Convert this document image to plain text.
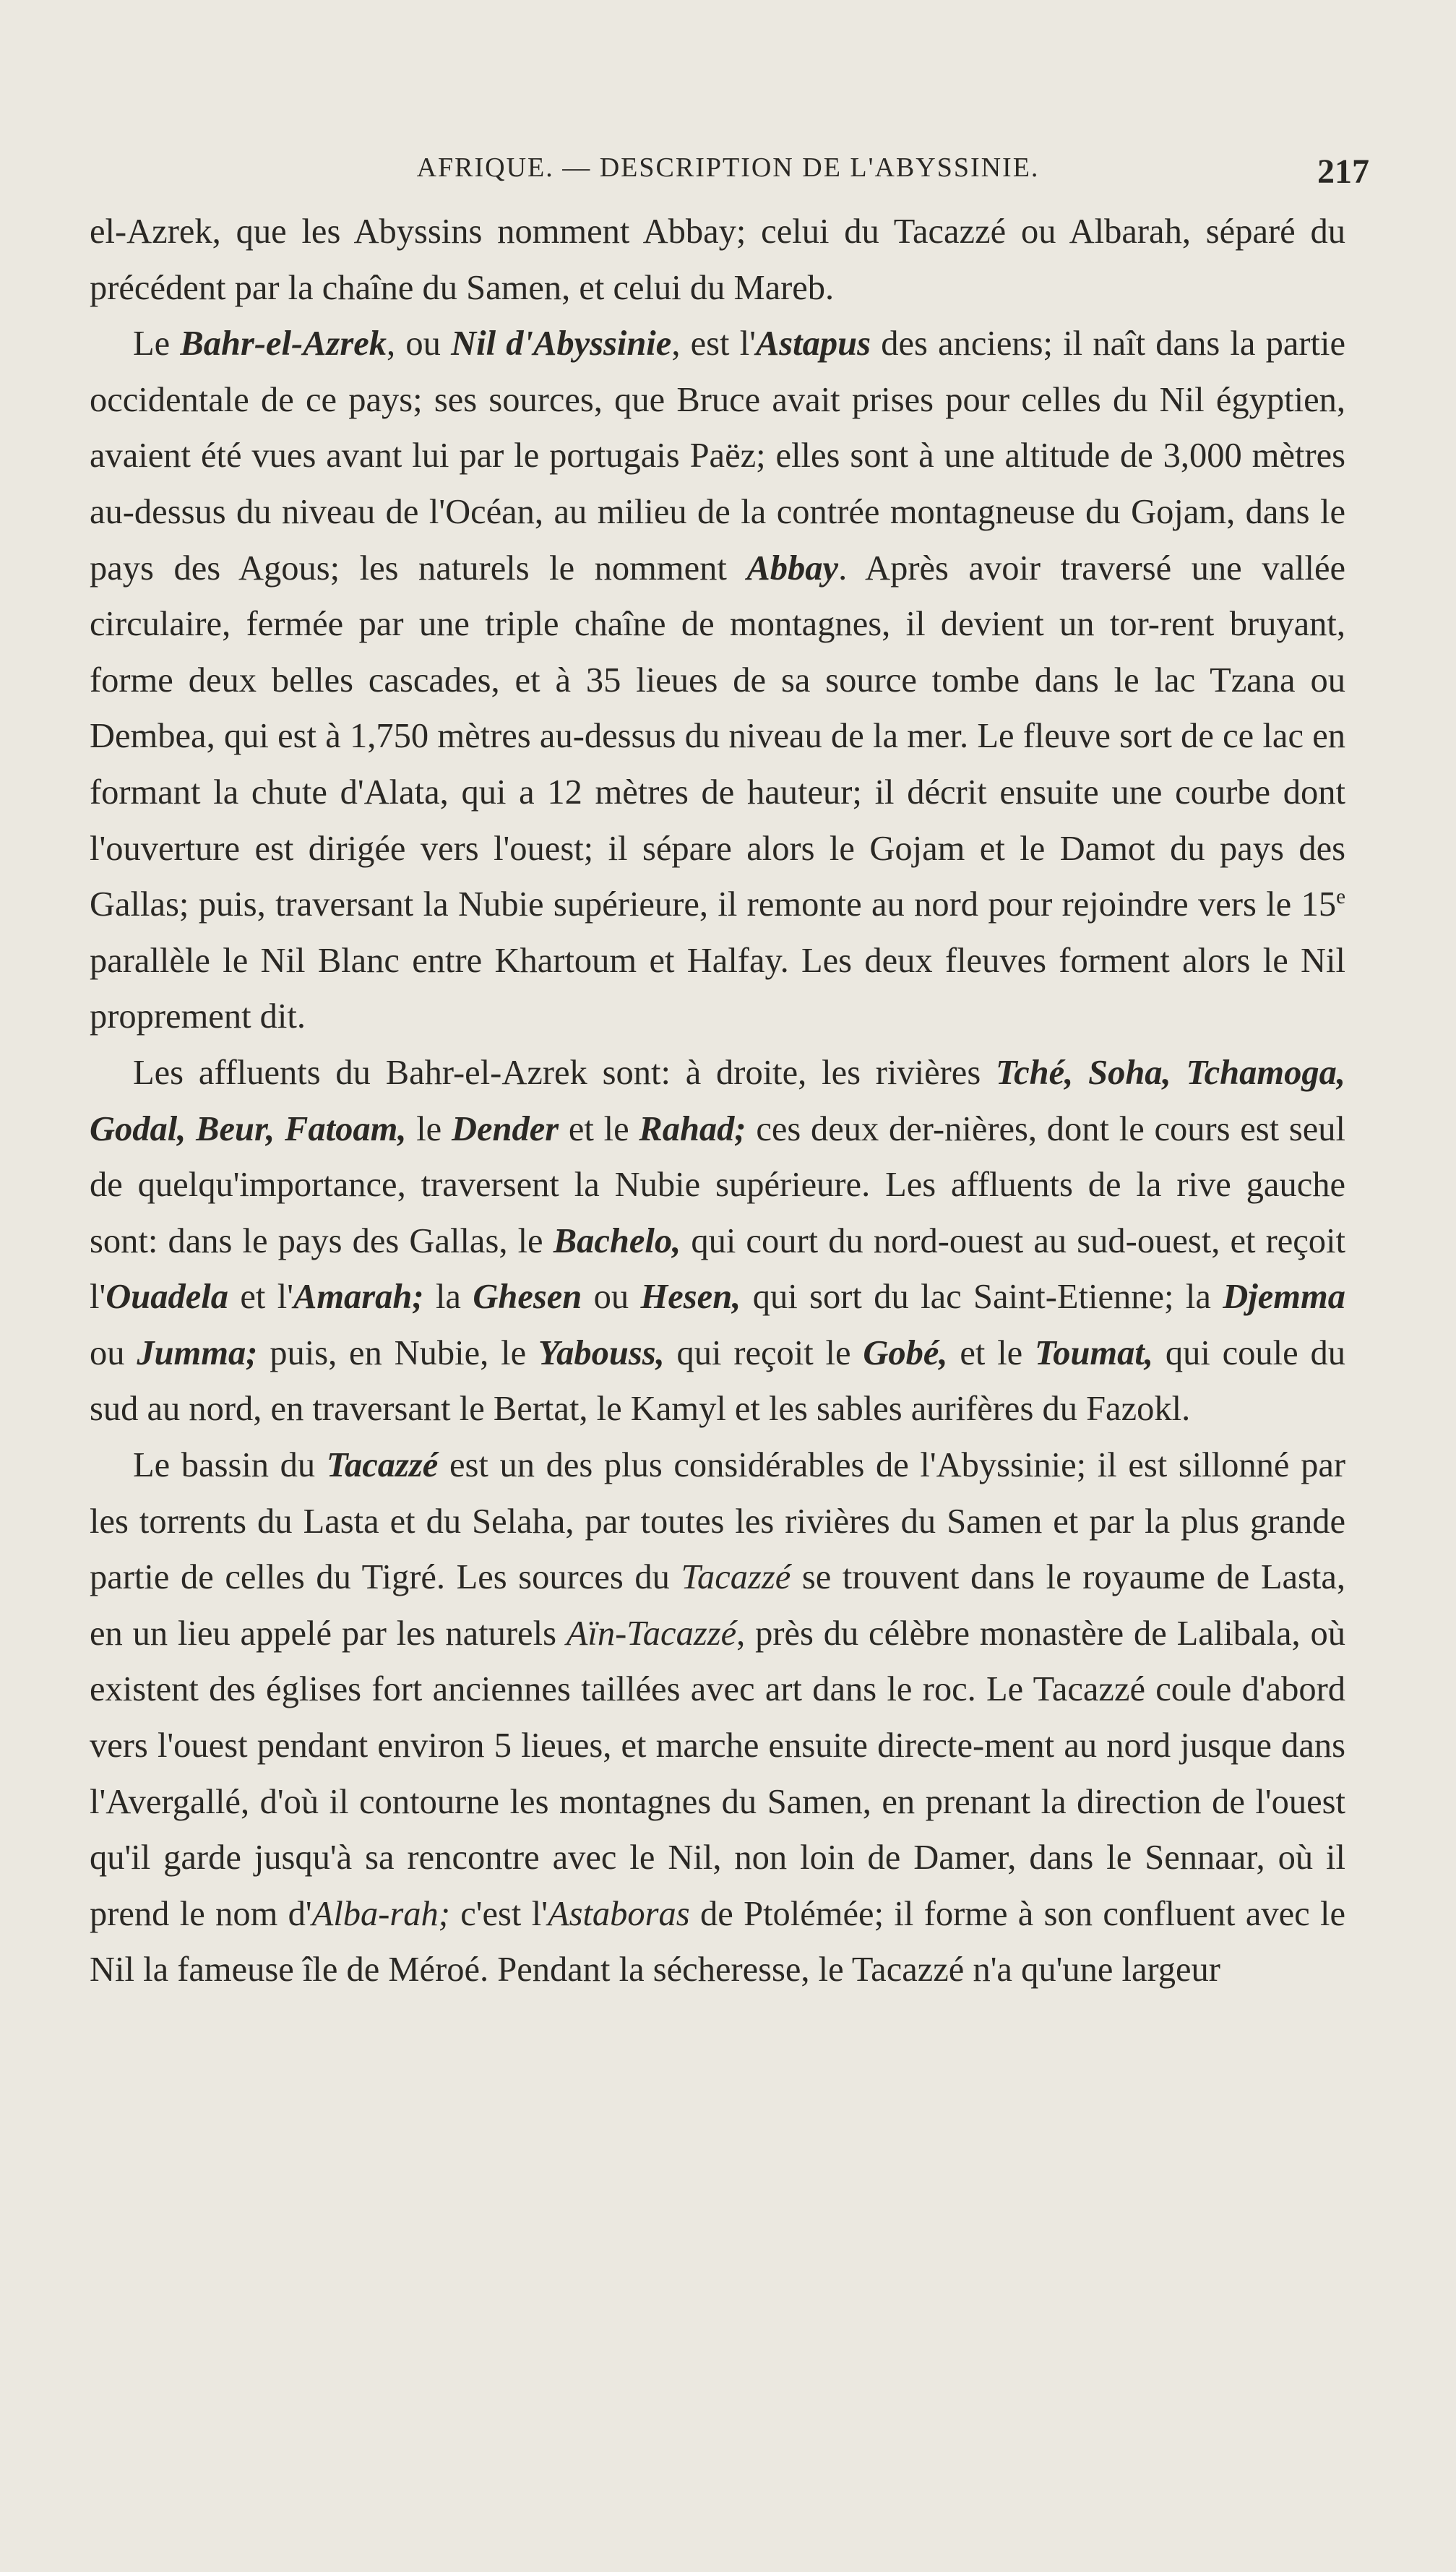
AFRIQUE. — DESCRIPTION DE L'ABYSSINIE.	217

el-Azrek, que les Abyssins nomment Abbay; celui du Tacazzé ou Albarah, séparé du précédent par la chaîne du Samen, et celui du Mareb.

Le Bahr-el-Azrek, ou Nil d'Abyssinie, est l'Astapus des anciens; il naît dans la partie occidentale de ce pays; ses sources, que Bruce avait prises pour celles du Nil égyptien, avaient été vues avant lui par le portugais Paëz; elles sont à une altitude de 3,000 mètres au-dessus du niveau de l'Océan, au milieu de la contrée montagneuse du Gojam, dans le pays des Agous; les naturels le nomment Abbay. Après avoir traversé une vallée circulaire, fermée par une triple chaîne de montagnes, il devient un tor-rent bruyant, forme deux belles cascades, et à 35 lieues de sa source tombe dans le lac Tzana ou Dembea, qui est à 1,750 mètres au-dessus du niveau de la mer. Le fleuve sort de ce lac en formant la chute d'Alata, qui a 12 mètres de hauteur; il décrit ensuite une courbe dont l'ouverture est dirigée vers l'ouest; il sépare alors le Gojam et le Damot du pays des Gallas; puis, traversant la Nubie supérieure, il remonte au nord pour rejoindre vers le 15e parallèle le Nil Blanc entre Khartoum et Halfay. Les deux fleuves forment alors le Nil proprement dit.

Les affluents du Bahr-el-Azrek sont: à droite, les rivières Tché, Soha, Tchamoga, Godal, Beur, Fatoam, le Dender et le Rahad; ces deux der-nières, dont le cours est seul de quelqu'importance, traversent la Nubie supérieure. Les affluents de la rive gauche sont: dans le pays des Gallas, le Bachelo, qui court du nord-ouest au sud-ouest, et reçoit l'Ouadela et l'Amarah; la Ghesen ou Hesen, qui sort du lac Saint-Etienne; la Djemma ou Jumma; puis, en Nubie, le Yabouss, qui reçoit le Gobé, et le Toumat, qui coule du sud au nord, en traversant le Bertat, le Kamyl et les sables aurifères du Fazokl.

Le bassin du Tacazzé est un des plus considérables de l'Abyssinie; il est sillonné par les torrents du Lasta et du Selaha, par toutes les rivières du Samen et par la plus grande partie de celles du Tigré. Les sources du Tacazzé se trouvent dans le royaume de Lasta, en un lieu appelé par les naturels Aïn-Tacazzé, près du célèbre monastère de Lalibala, où existent des églises fort anciennes taillées avec art dans le roc. Le Tacazzé coule d'abord vers l'ouest pendant environ 5 lieues, et marche ensuite directe-ment au nord jusque dans l'Avergallé, d'où il contourne les montagnes du Samen, en prenant la direction de l'ouest qu'il garde jusqu'à sa rencontre avec le Nil, non loin de Damer, dans le Sennaar, où il prend le nom d'Alba-rah; c'est l'Astaboras de Ptolémée; il forme à son confluent avec le Nil la fameuse île de Méroé. Pendant la sécheresse, le Tacazzé n'a qu'une largeur
